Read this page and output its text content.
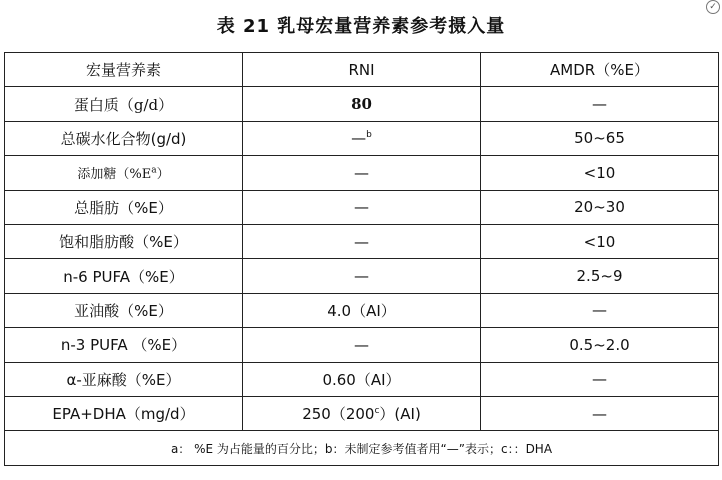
✓
表 21 乳母宏量营养素参考摄入量
宏量营养素	RNI	AMDR（%E）
蛋白质（g/d）	80	—
总碳水化合物(g/d)	—$^b$	50~65
添加糖$(\%E^a)$	—	<10
总脂肪（%E）	—	20~30
饱和脂肪酸（%E）	—	<10
n-6 PUFA（%E）	—	2.5~9
亚油酸（%E）	4.0（AI）	—
n-3 PUFA （%E）	—	0.5~2.0
α-亚麻酸（%E）	0.60（AI）	—
EPA+DHA（mg/d）	250（200$^c$）(AI)	—
a： %E 为占能量的百分比；b：未制定参考值者用“—”表示；c：：DHA		
